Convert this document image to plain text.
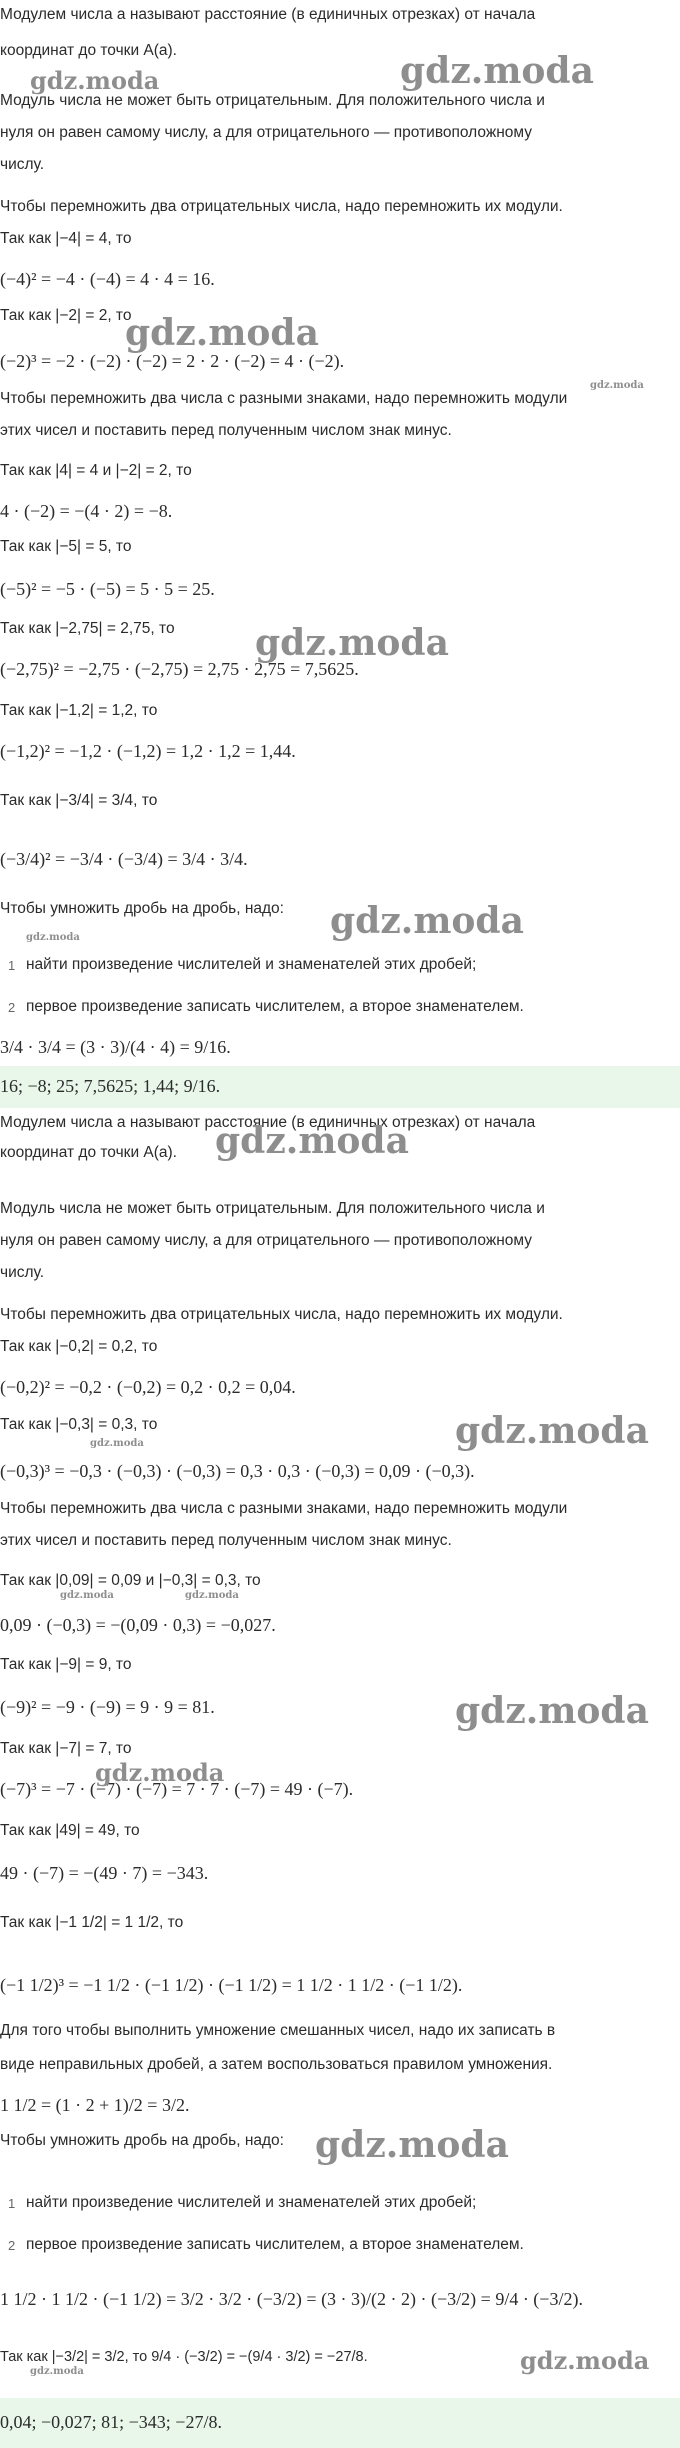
Модулем числа a называют расстояние (в единичных отрезках) от начала
координат до точки A(a).
Модуль числа не может быть отрицательным. Для положительного числа и
нуля он равен самому числу, а для отрицательного — противоположному
числу.
Чтобы перемножить два отрицательных числа, надо перемножить их модули.
Так как |−4| = 4, то
(−4)² = −4 · (−4) = 4 · 4 = 16.
Так как |−2| = 2, то
(−2)³ = −2 · (−2) · (−2) = 2 · 2 · (−2) = 4 · (−2).
Чтобы перемножить два числа с разными знаками, надо перемножить модули
этих чисел и поставить перед полученным числом знак минус.
Так как |4| = 4 и |−2| = 2, то
4 · (−2) = −(4 · 2) = −8.
Так как |−5| = 5, то
(−5)² = −5 · (−5) = 5 · 5 = 25.
Так как |−2,75| = 2,75, то
(−2,75)² = −2,75 · (−2,75) = 2,75 · 2,75 = 7,5625.
Так как |−1,2| = 1,2, то
(−1,2)² = −1,2 · (−1,2) = 1,2 · 1,2 = 1,44.
Так как |−3/4| = 3/4, то
(−3/4)² = −3/4 · (−3/4) = 3/4 · 3/4.
Чтобы умножить дробь на дробь, надо:
1 найти произведение числителей и знаменателей этих дробей;
2 первое произведение записать числителем, а второе знаменателем.
3/4 · 3/4 = (3 · 3)/(4 · 4) = 9/16.
16; −8; 25; 7,5625; 1,44; 9/16.
Модулем числа a называют расстояние (в единичных отрезках) от начала
координат до точки A(a).
Модуль числа не может быть отрицательным. Для положительного числа и
нуля он равен самому числу, а для отрицательного — противоположному
числу.
Чтобы перемножить два отрицательных числа, надо перемножить их модули.
Так как |−0,2| = 0,2, то
(−0,2)² = −0,2 · (−0,2) = 0,2 · 0,2 = 0,04.
Так как |−0,3| = 0,3, то
(−0,3)³ = −0,3 · (−0,3) · (−0,3) = 0,3 · 0,3 · (−0,3) = 0,09 · (−0,3).
Чтобы перемножить два числа с разными знаками, надо перемножить модули
этих чисел и поставить перед полученным числом знак минус.
Так как |0,09| = 0,09 и |−0,3| = 0,3, то
0,09 · (−0,3) = −(0,09 · 0,3) = −0,027.
Так как |−9| = 9, то
(−9)² = −9 · (−9) = 9 · 9 = 81.
Так как |−7| = 7, то
(−7)³ = −7 · (−7) · (−7) = 7 · 7 · (−7) = 49 · (−7).
Так как |49| = 49, то
49 · (−7) = −(49 · 7) = −343.
Так как |−1 1/2| = 1 1/2, то
(−1 1/2)³ = −1 1/2 · (−1 1/2) · (−1 1/2) = 1 1/2 · 1 1/2 · (−1 1/2).
Для того чтобы выполнить умножение смешанных чисел, надо их записать в
виде неправильных дробей, а затем воспользоваться правилом умножения.
1 1/2 = (1 · 2 + 1)/2 = 3/2.
Чтобы умножить дробь на дробь, надо:
1 найти произведение числителей и знаменателей этих дробей;
2 первое произведение записать числителем, а второе знаменателем.
1 1/2 · 1 1/2 · (−1 1/2) = 3/2 · 3/2 · (−3/2) = (3 · 3)/(2 · 2) · (−3/2) = 9/4 · (−3/2).
Так как |−3/2| = 3/2, то 9/4 · (−3/2) = −(9/4 · 3/2) = −27/8.
0,04; −0,027; 81; −343; −27/8.
gdz.moda	gdz.moda
gdz.moda
gdz.moda
gdz.moda
gdz.moda
gdz.moda
gdz.moda
gdz.moda
gdz.moda
gdz.moda	gdz.moda
gdz.moda
gdz.moda
gdz.moda
gdz.moda
gdz.moda
